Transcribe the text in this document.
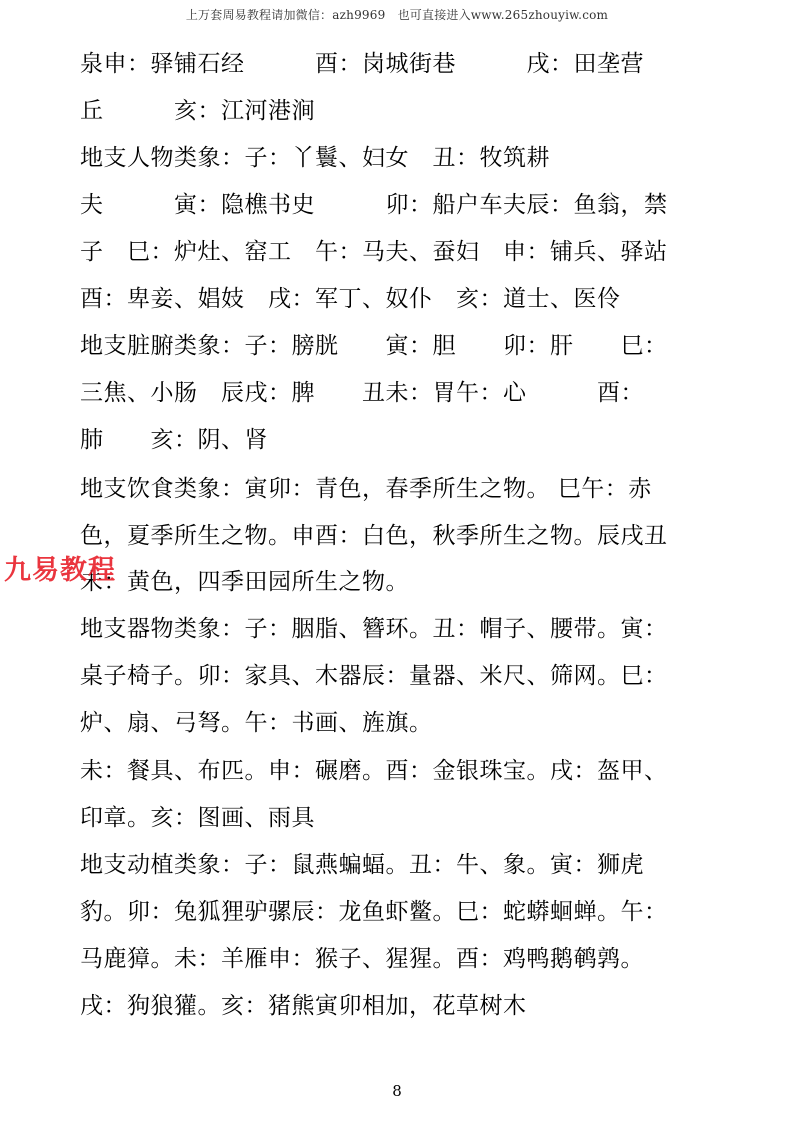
上万套周易教程请加微信：azh9969　也可直接进入www.265zhouyiw.com
泉申：驿铺石经　　　酉：岗城街巷　　　戌：田垄营
丘　　　亥：江河港涧
地支人物类象：子：丫鬟、妇女　丑：牧筑耕
夫　　　寅：隐樵书史　　　卯：船户车夫辰：鱼翁，禁
子　巳：炉灶、窑工　午：马夫、蚕妇　申：铺兵、驿站
酉：卑妾、娼妓　戌：军丁、奴仆　亥：道士、医伶
地支脏腑类象：子：膀胱　　寅：胆　　卯：肝　　巳：
三焦、小肠　辰戌：脾　　丑未：胃午：心　　　酉：
肺　　亥：阴、肾
地支饮食类象：寅卯：青色，春季所生之物。 巳午：赤
色，夏季所生之物。申酉：白色，秋季所生之物。辰戌丑
未：黄色，四季田园所生之物。
地支器物类象：子：胭脂、簪环。丑：帽子、腰带。寅：
桌子椅子。卯：家具、木器辰：量器、米尺、筛网。巳：
炉、扇、弓弩。午：书画、旌旗。
未：餐具、布匹。申：碾磨。酉：金银珠宝。戌：盔甲、
印章。亥：图画、雨具
地支动植类象：子：鼠燕蝙蝠。丑：牛、象。寅：狮虎
豹。卯：兔狐狸驴骡辰：龙鱼虾鳖。巳：蛇蟒蛔蝉。午：
马鹿獐。未：羊雁申：猴子、猩猩。酉：鸡鸭鹅鹌鹑。
戌：狗狼獾。亥：猪熊寅卯相加，花草树木
九易教程
8
